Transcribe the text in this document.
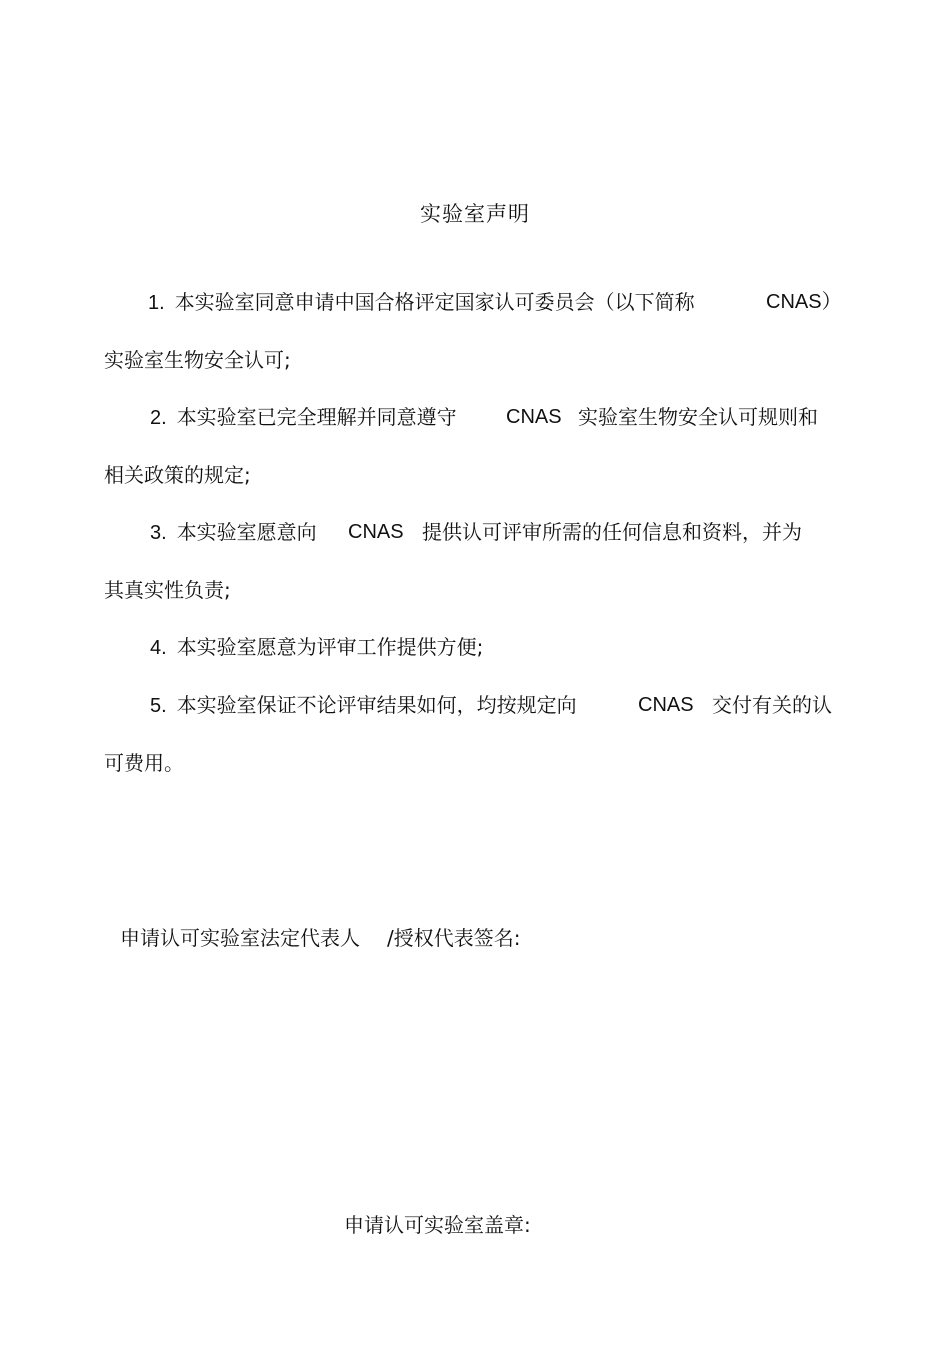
实验室声明
1. 本实验室同意申请中国合格评定国家认可委员会（以下简称	CNAS）
实验室生物安全认可;
2. 本实验室已完全理解并同意遵守 CNAS 实验室生物安全认可规则和
相关政策的规定;
3. 本实验室愿意向 CNAS 提供认可评审所需的任何信息和资料，并为
其真实性负责;
4. 本实验室愿意为评审工作提供方便;
5. 本实验室保证不论评审结果如何，均按规定向	CNAS 交付有关的认
可费用。
申请认可实验室法定代表人 /授权代表签名:
申请认可实验室盖章:
